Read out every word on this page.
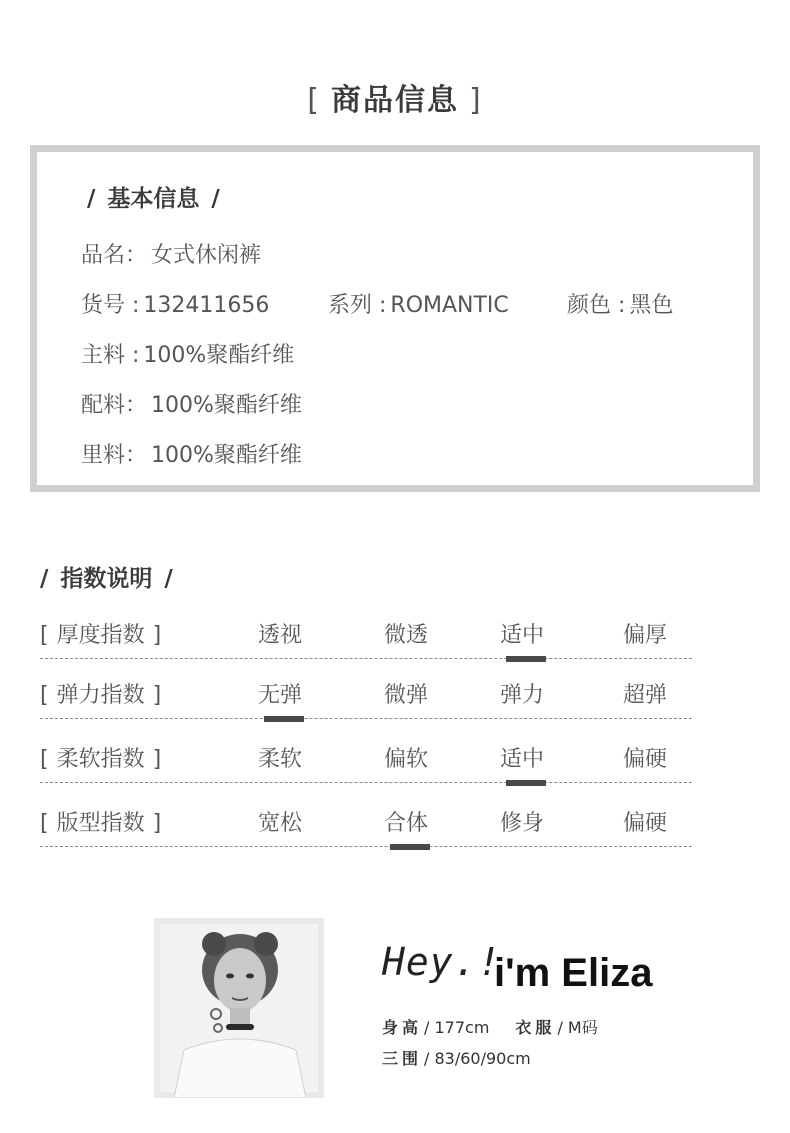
[ 商品信息 ]
/ 基本信息 /
品名： 女式休闲裤
货号 : 132411656	系列 : ROMANTIC	颜色 : 黑色
主料 : 100%聚酯纤维
配料： 100%聚酯纤维
里料： 100%聚酯纤维
/ 指数说明 /
[ 厚度指数 ]	透视	微透	适中	偏厚
[ 弹力指数 ]	无弹	微弹	弹力	超弹
[ 柔软指数 ]	柔软	偏软	适中	偏硬
[ 版型指数 ]	宽松	合体	修身	偏硬
Hey.!
i'm Eliza
身高 / 177cm 衣服 / M码
三围 / 83/60/90cm
